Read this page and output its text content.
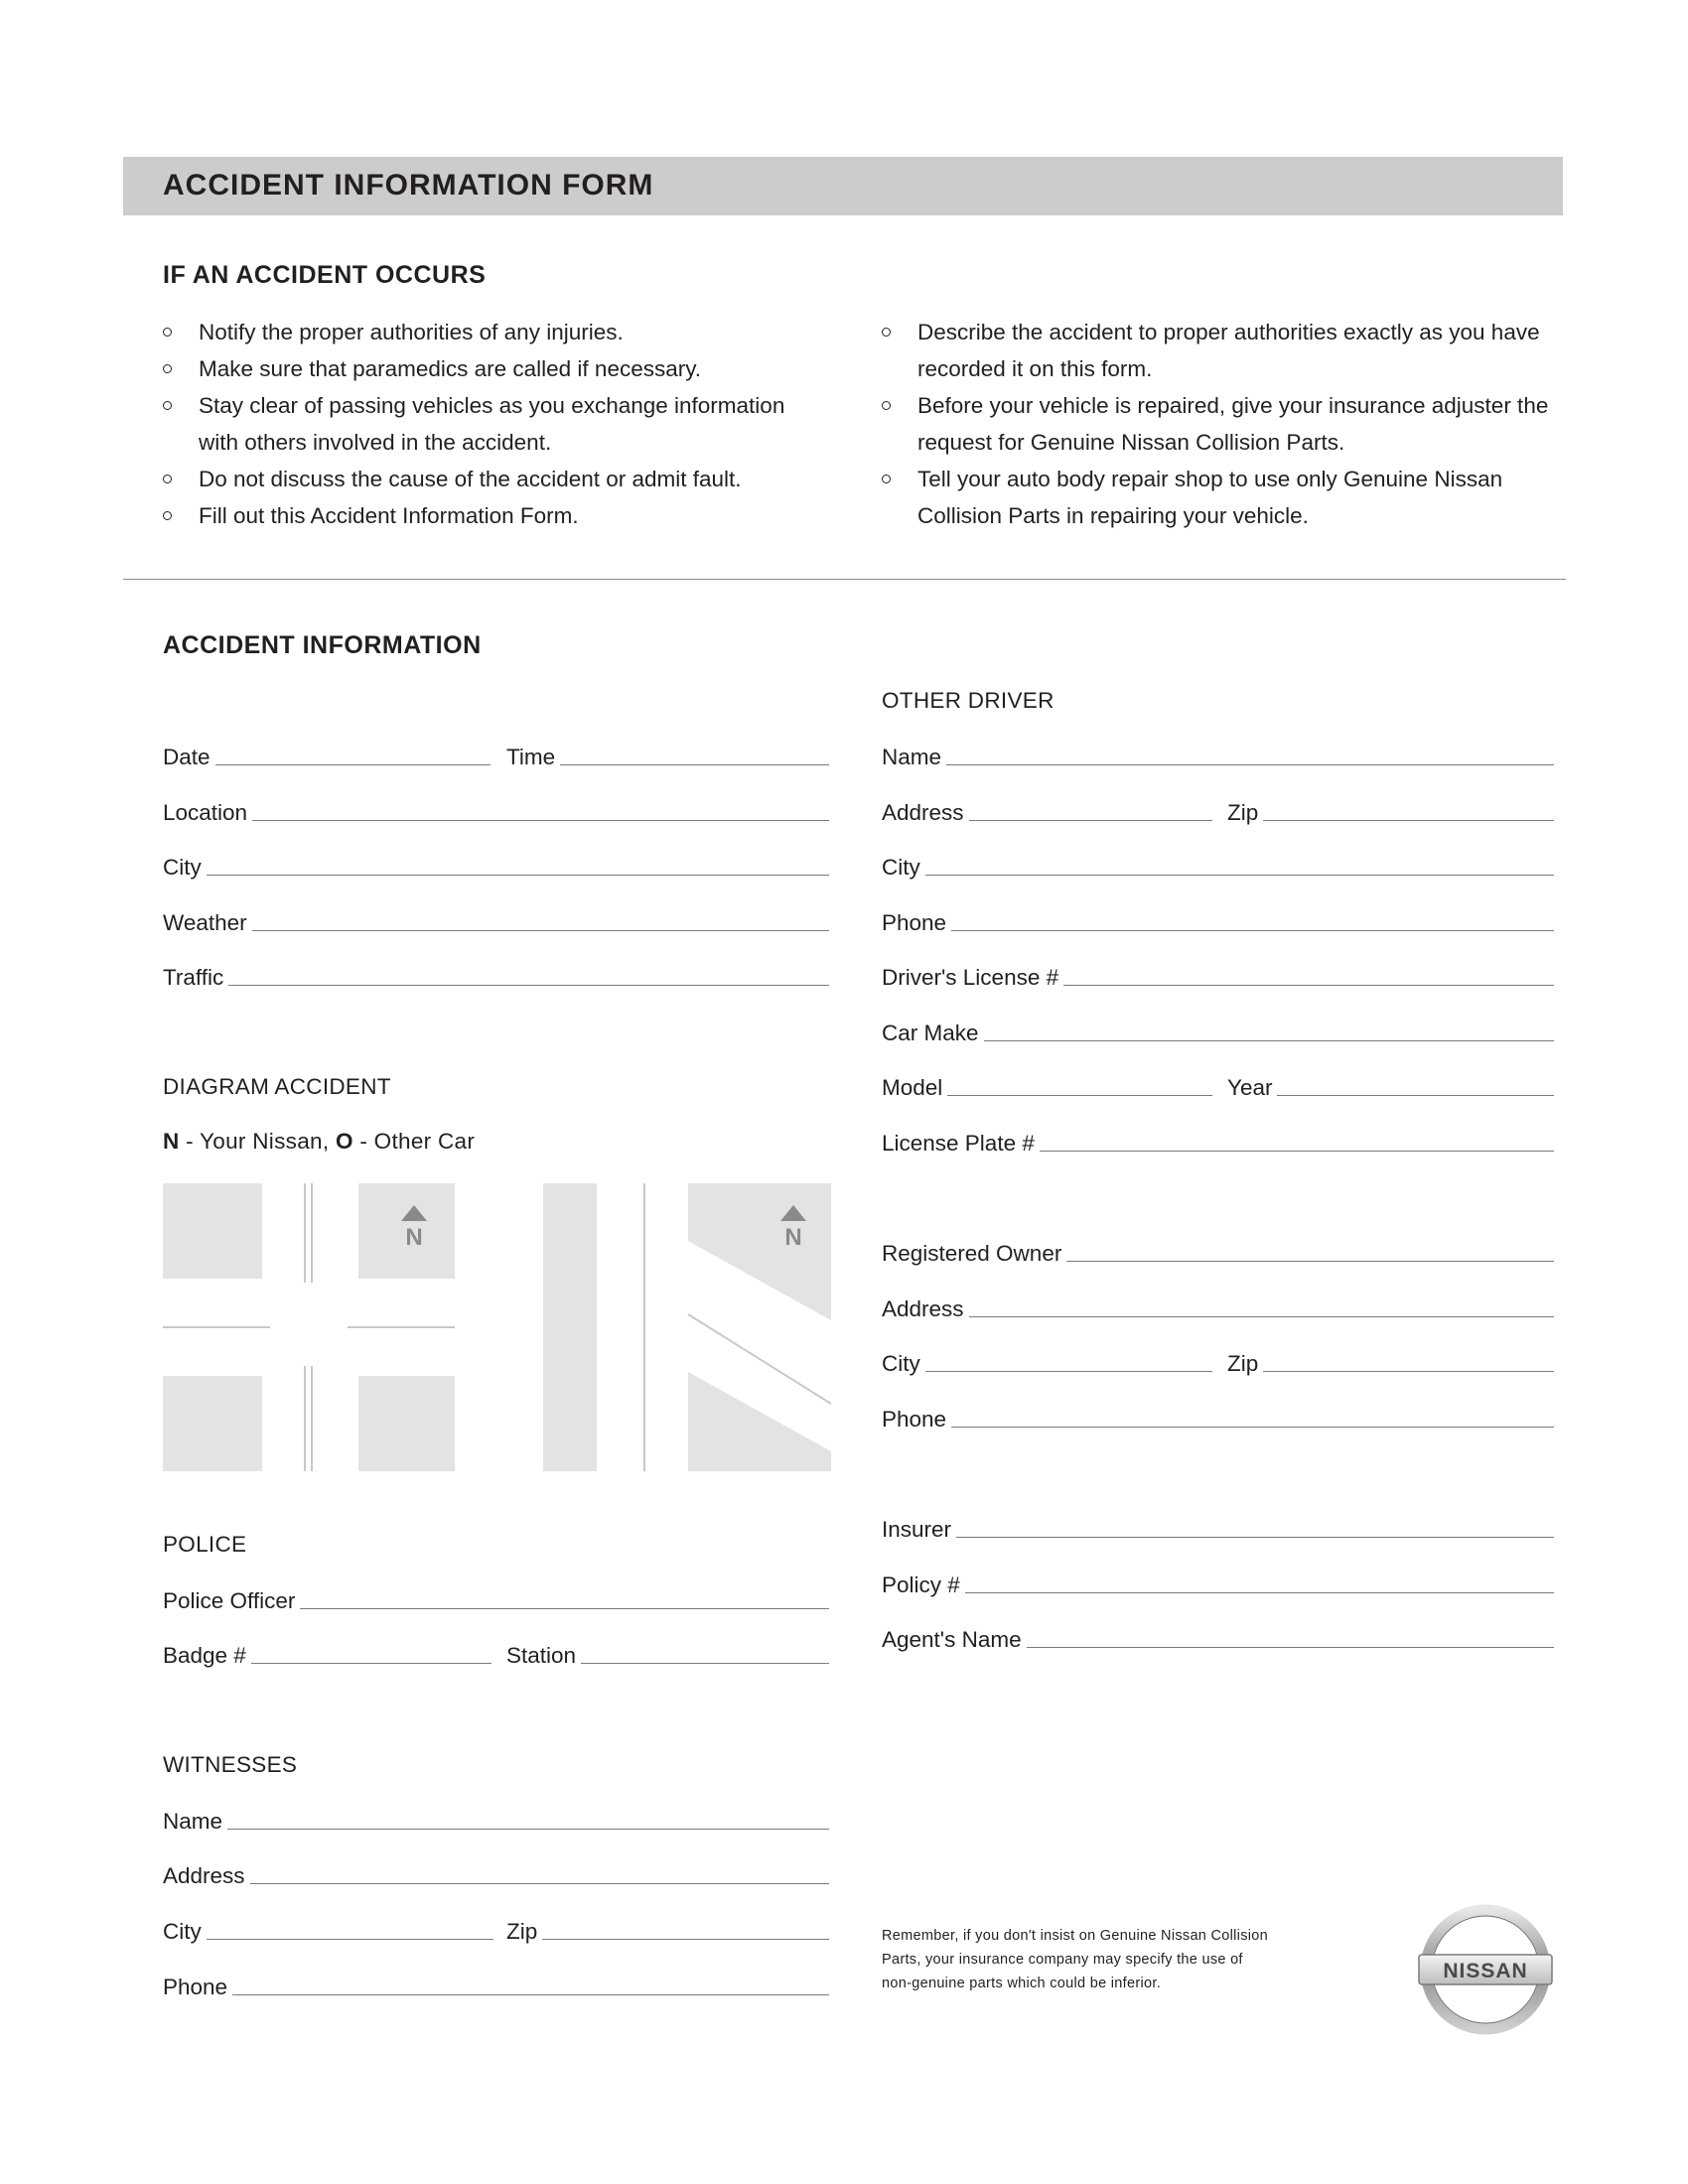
ACCIDENT INFORMATION FORM
IF AN ACCIDENT OCCURS
Notify the proper authorities of any injuries.
Make sure that paramedics are called if necessary.
Stay clear of passing vehicles as you exchange information with others involved in the accident.
Do not discuss the cause of the accident or admit fault.
Fill out this Accident Information Form.
Describe the accident to proper authorities exactly as you have recorded it on this form.
Before your vehicle is repaired, give your insurance adjuster the request for Genuine Nissan Collision Parts.
Tell your auto body repair shop to use only Genuine Nissan Collision Parts in repairing your vehicle.
ACCIDENT INFORMATION
Date	Time
Location
City
Weather
Traffic
DIAGRAM ACCIDENT
N - Your Nissan, O - Other Car
N	N
POLICE
Police Officer
Badge #	Station
WITNESSES
Name
Address
City	Zip
Phone
OTHER DRIVER
Name
Address	Zip
City
Phone
Driver's License #
Car Make
Model	Year
License Plate #
Registered Owner
Address
City	Zip
Phone
Insurer
Policy #
Agent's Name
Remember, if you don't insist on Genuine Nissan Collision Parts, your insurance company may specify the use of non-genuine parts which could be inferior.
NISSAN
